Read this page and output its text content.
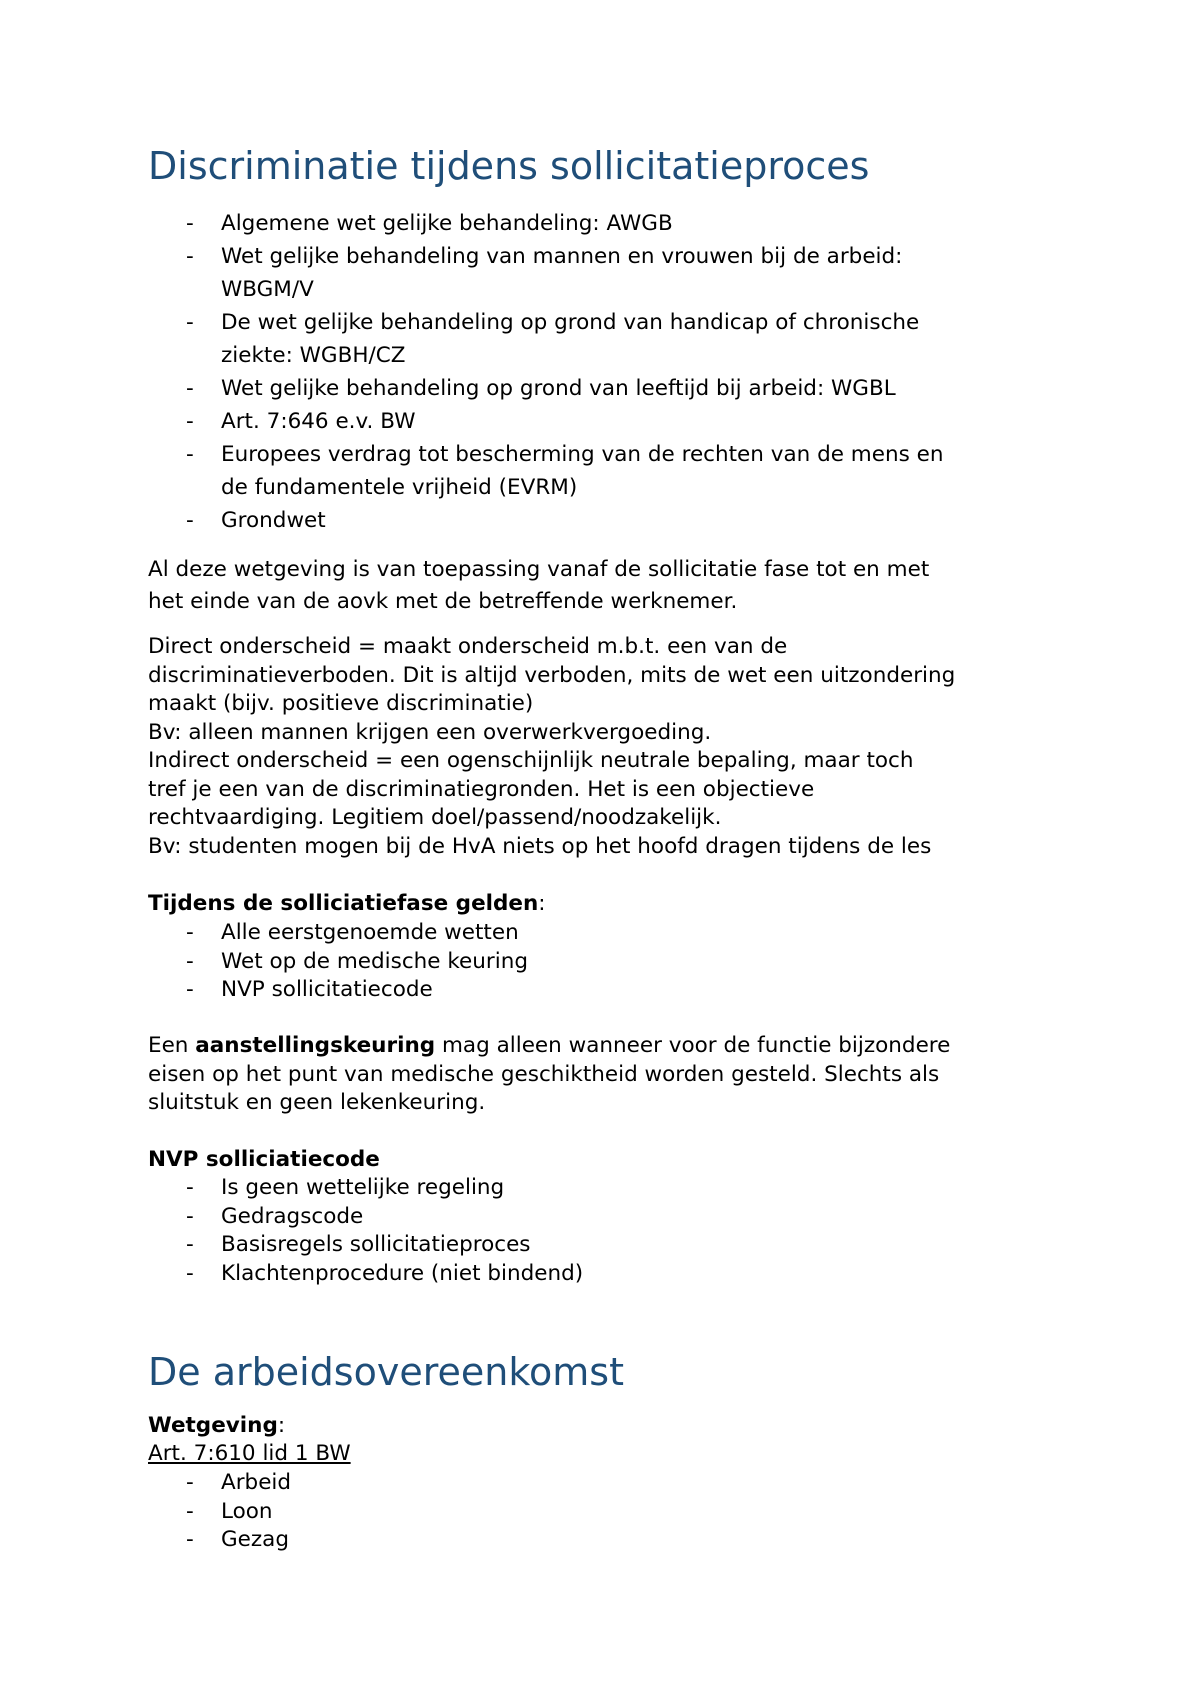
Discriminatie tijdens sollicitatieproces
- Algemene wet gelijke behandeling: AWGB
- Wet gelijke behandeling van mannen en vrouwen bij de arbeid:
WBGM/V
- De wet gelijke behandeling op grond van handicap of chronische
ziekte: WGBH/CZ
- Wet gelijke behandeling op grond van leeftijd bij arbeid: WGBL
- Art. 7:646 e.v. BW
- Europees verdrag tot bescherming van de rechten van de mens en
de fundamentele vrijheid (EVRM)
- Grondwet
Al deze wetgeving is van toepassing vanaf de sollicitatie fase tot en met
het einde van de aovk met de betreffende werknemer.
Direct onderscheid = maakt onderscheid m.b.t. een van de
discriminatieverboden. Dit is altijd verboden, mits de wet een uitzondering
maakt (bijv. positieve discriminatie)
Bv: alleen mannen krijgen een overwerkvergoeding.
Indirect onderscheid = een ogenschijnlijk neutrale bepaling, maar toch
tref je een van de discriminatiegronden. Het is een objectieve
rechtvaardiging. Legitiem doel/passend/noodzakelijk.
Bv: studenten mogen bij de HvA niets op het hoofd dragen tijdens de les
Tijdens de solliciatiefase gelden:
- Alle eerstgenoemde wetten
- Wet op de medische keuring
- NVP sollicitatiecode
Een aanstellingskeuring mag alleen wanneer voor de functie bijzondere
eisen op het punt van medische geschiktheid worden gesteld. Slechts als
sluitstuk en geen lekenkeuring.
NVP solliciatiecode
- Is geen wettelijke regeling
- Gedragscode
- Basisregels sollicitatieproces
- Klachtenprocedure (niet bindend)
De arbeidsovereenkomst
Wetgeving:
Art. 7:610 lid 1 BW
- Arbeid
- Loon
- Gezag
